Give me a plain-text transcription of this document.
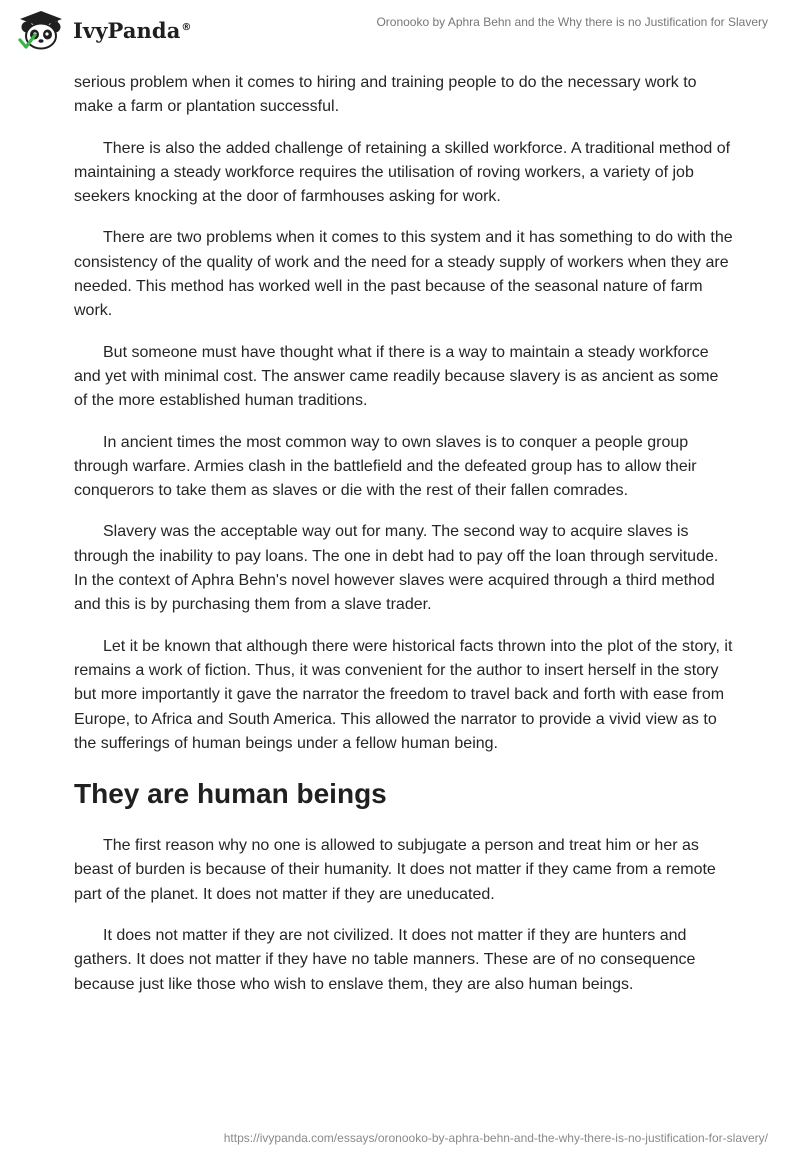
IvyPanda®	Oronooko by Aphra Behn and the Why there is no Justification for Slavery

serious problem when it comes to hiring and training people to do the necessary work to make a farm or plantation successful.

There is also the added challenge of retaining a skilled workforce. A traditional method of maintaining a steady workforce requires the utilisation of roving workers, a variety of job seekers knocking at the door of farmhouses asking for work.

There are two problems when it comes to this system and it has something to do with the consistency of the quality of work and the need for a steady supply of workers when they are needed. This method has worked well in the past because of the seasonal nature of farm work.

But someone must have thought what if there is a way to maintain a steady workforce and yet with minimal cost. The answer came readily because slavery is as ancient as some of the more established human traditions.

In ancient times the most common way to own slaves is to conquer a people group through warfare. Armies clash in the battlefield and the defeated group has to allow their conquerors to take them as slaves or die with the rest of their fallen comrades.

Slavery was the acceptable way out for many. The second way to acquire slaves is through the inability to pay loans. The one in debt had to pay off the loan through servitude. In the context of Aphra Behn's novel however slaves were acquired through a third method and this is by purchasing them from a slave trader.

Let it be known that although there were historical facts thrown into the plot of the story, it remains a work of fiction. Thus, it was convenient for the author to insert herself in the story but more importantly it gave the narrator the freedom to travel back and forth with ease from Europe, to Africa and South America. This allowed the narrator to provide a vivid view as to the sufferings of human beings under a fellow human being.

They are human beings

The first reason why no one is allowed to subjugate a person and treat him or her as beast of burden is because of their humanity. It does not matter if they came from a remote part of the planet. It does not matter if they are uneducated.

It does not matter if they are not civilized. It does not matter if they are hunters and gathers. It does not matter if they have no table manners. These are of no consequence because just like those who wish to enslave them, they are also human beings.

https://ivypanda.com/essays/oronooko-by-aphra-behn-and-the-why-there-is-no-justification-for-slavery/
